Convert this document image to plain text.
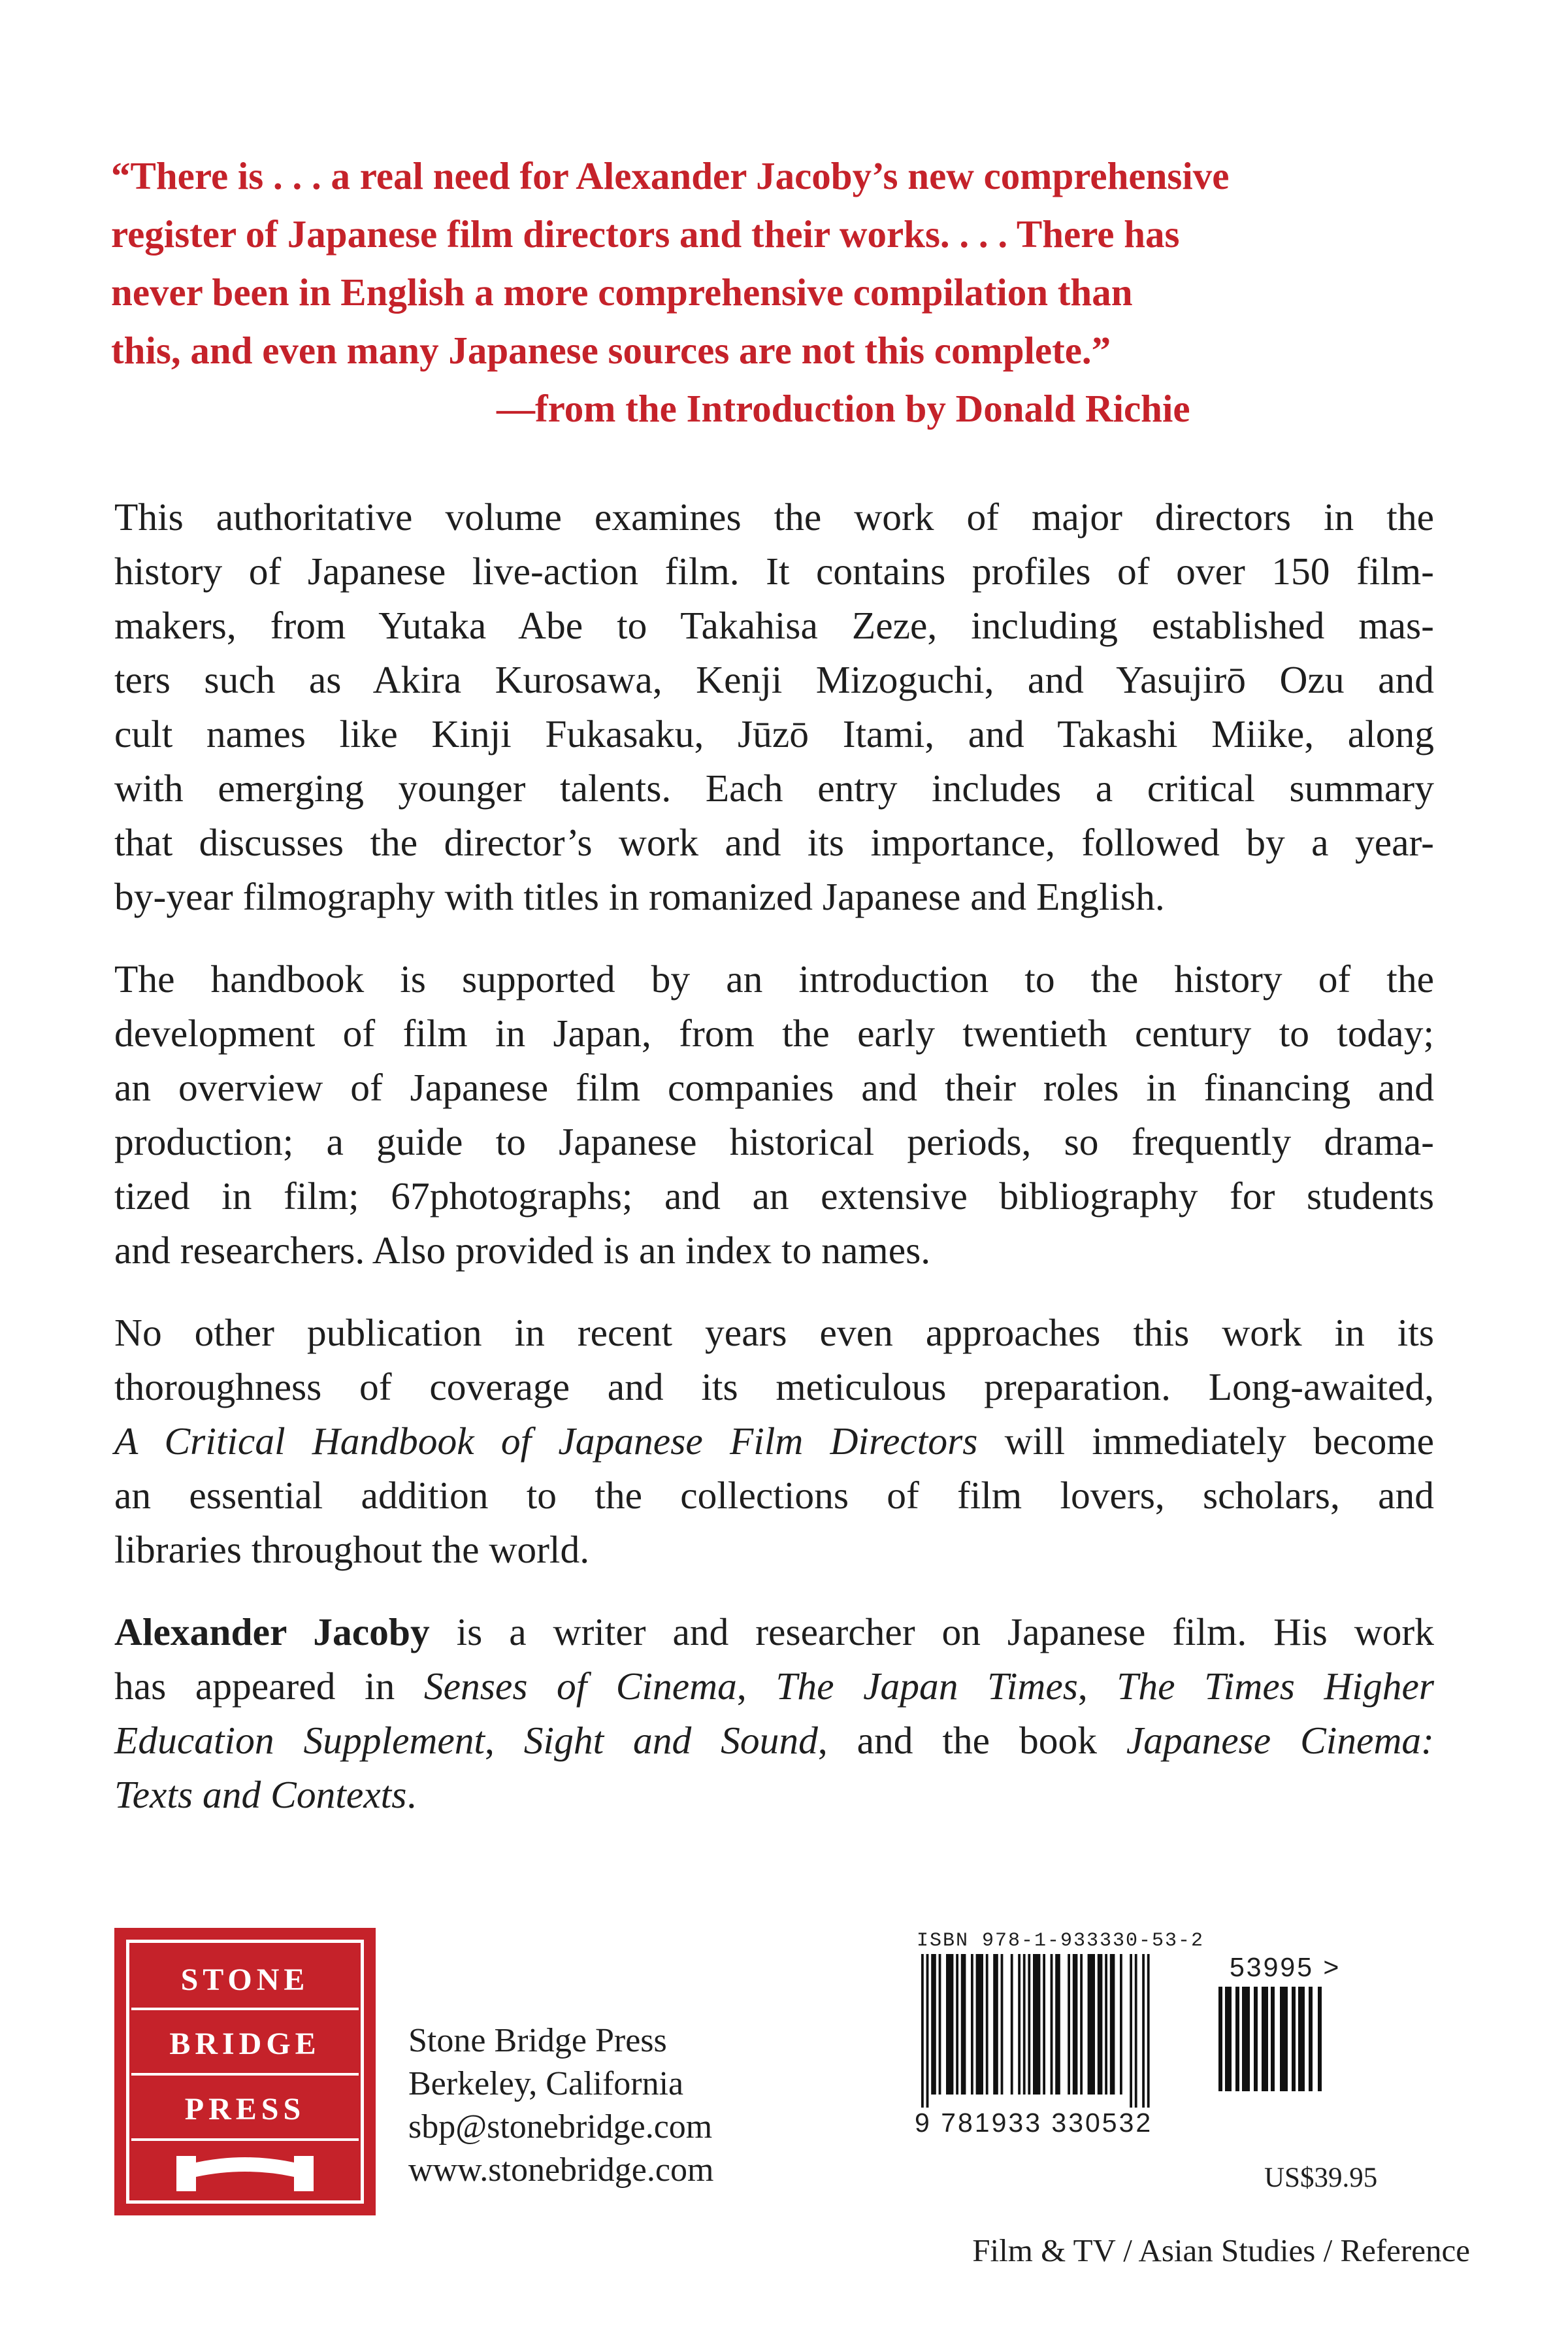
“There is . . . a real need for Alexander Jacoby’s new comprehensive
register of Japanese film directors and their works. . . . There has
never been in English a more comprehensive compilation than
this, and even many Japanese sources are not this complete.”
—from the Introduction by Donald Richie
This authoritative volume examines the work of major directors in the
history of Japanese live-action film. It contains profiles of over 150 film-
makers, from Yutaka Abe to Takahisa Zeze, including established mas-
ters such as Akira Kurosawa, Kenji Mizoguchi, and Yasujirō Ozu and
cult names like Kinji Fukasaku, Jūzō Itami, and Takashi Miike, along
with emerging younger talents. Each entry includes a critical summary
that discusses the director’s work and its importance, followed by a year-
by-year filmography with titles in romanized Japanese and English.
The handbook is supported by an introduction to the history of the
development of film in Japan, from the early twentieth century to today;
an overview of Japanese film companies and their roles in financing and
production; a guide to Japanese historical periods, so frequently drama-
tized in film; 67photographs; and an extensive bibliography for students
and researchers. Also provided is an index to names.
No other publication in recent years even approaches this work in its
thoroughness of coverage and its meticulous preparation. Long-awaited,
A Critical Handbook of Japanese Film Directors will immediately become
an essential addition to the collections of film lovers, scholars, and
libraries throughout the world.
Alexander Jacoby is a writer and researcher on Japanese film. His work
has appeared in Senses of Cinema, The Japan Times, The Times Higher
Education Supplement, Sight and Sound, and the book Japanese Cinema:
Texts and Contexts.
STONE
BRIDGE
PRESS
Stone Bridge Press
Berkeley, California
sbp@stonebridge.com
www.stonebridge.com
ISBN 978-1-933330-53-2
9 781933 330532
53995 >
US$39.95
Film & TV / Asian Studies / Reference
